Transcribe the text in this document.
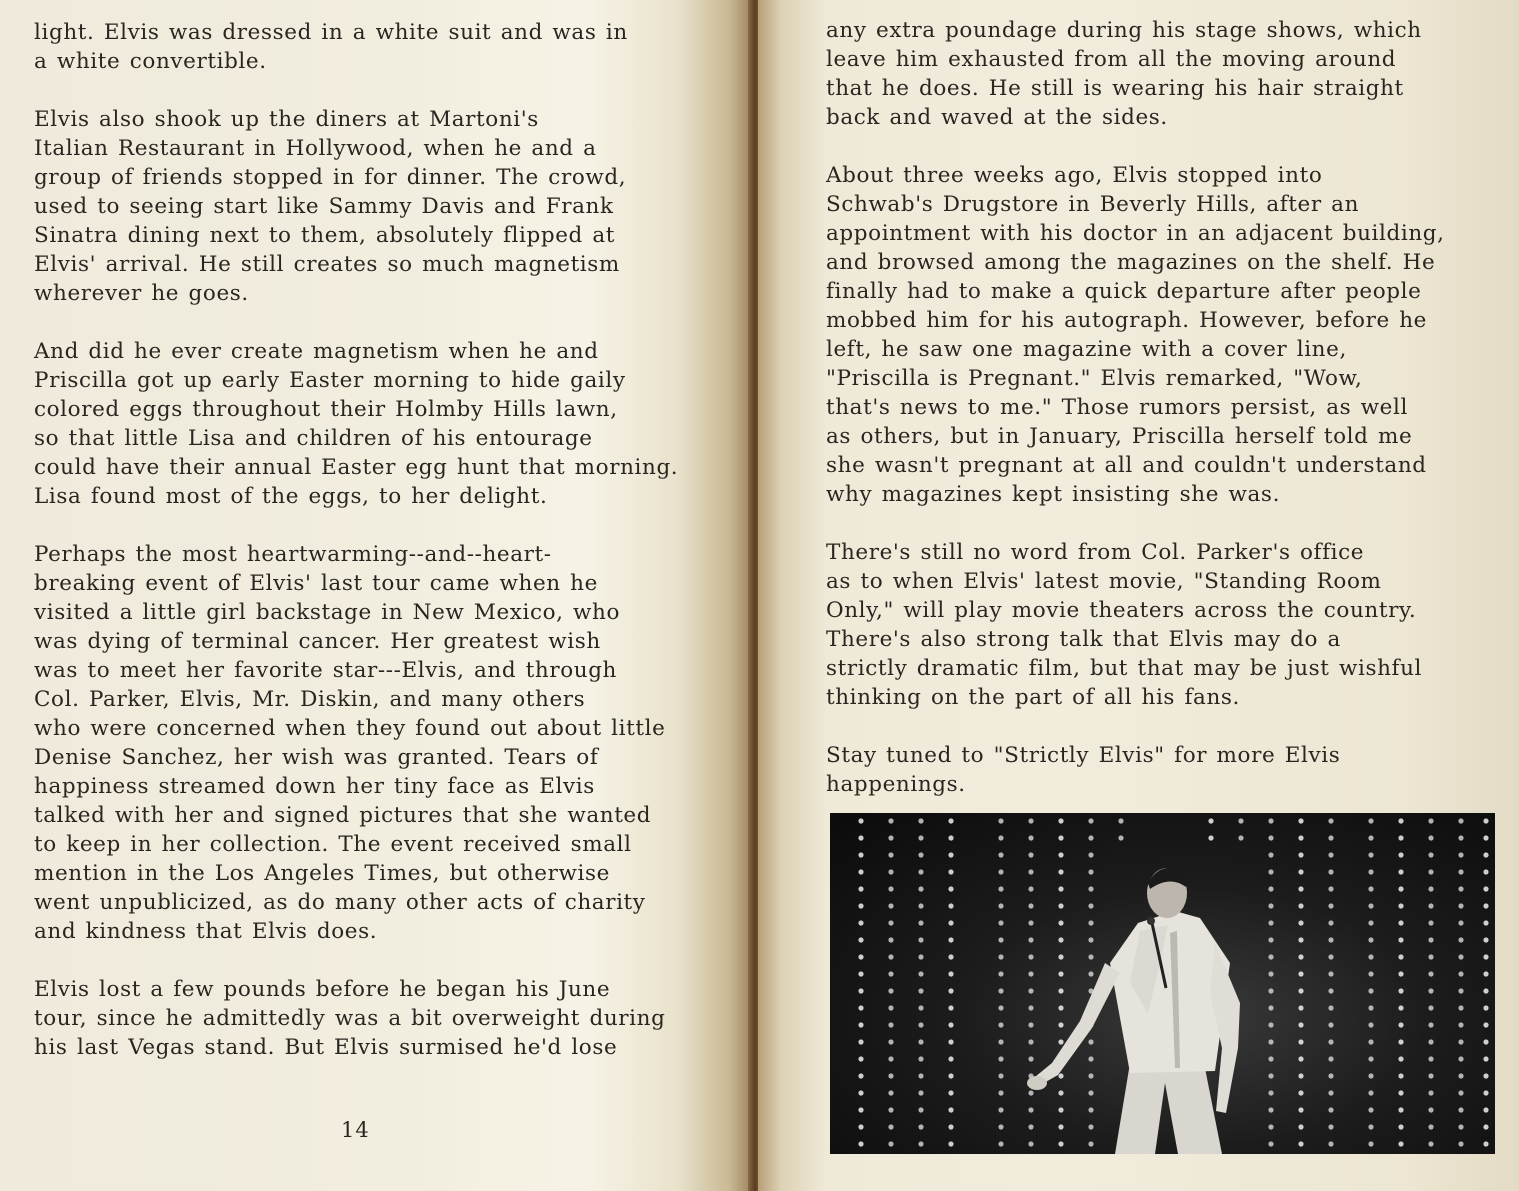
light. Elvis was dressed in a white suit and was in
a white convertible.

Elvis also shook up the diners at Martoni's
Italian Restaurant in Hollywood, when he and a
group of friends stopped in for dinner. The crowd,
used to seeing start like Sammy Davis and Frank
Sinatra dining next to them, absolutely flipped at
Elvis' arrival. He still creates so much magnetism
wherever he goes.

And did he ever create magnetism when he and
Priscilla got up early Easter morning to hide gaily
colored eggs throughout their Holmby Hills lawn,
so that little Lisa and children of his entourage
could have their annual Easter egg hunt that morning.
Lisa found most of the eggs, to her delight.

Perhaps the most heartwarming--and--heart-
breaking event of Elvis' last tour came when he
visited a little girl backstage in New Mexico, who
was dying of terminal cancer. Her greatest wish
was to meet her favorite star---Elvis, and through
Col. Parker, Elvis, Mr. Diskin, and many others
who were concerned when they found out about little
Denise Sanchez, her wish was granted. Tears of
happiness streamed down her tiny face as Elvis
talked with her and signed pictures that she wanted
to keep in her collection. The event received small
mention in the Los Angeles Times, but otherwise
went unpublicized, as do many other acts of charity
and kindness that Elvis does.

Elvis lost a few pounds before he began his June
tour, since he admittedly was a bit overweight during
his last Vegas stand. But Elvis surmised he'd lose

14

any extra poundage during his stage shows, which
leave him exhausted from all the moving around
that he does. He still is wearing his hair straight
back and waved at the sides.

About three weeks ago, Elvis stopped into
Schwab's Drugstore in Beverly Hills, after an
appointment with his doctor in an adjacent building,
and browsed among the magazines on the shelf. He
finally had to make a quick departure after people
mobbed him for his autograph. However, before he
left, he saw one magazine with a cover line,
"Priscilla is Pregnant." Elvis remarked, "Wow,
that's news to me." Those rumors persist, as well
as others, but in January, Priscilla herself told me
she wasn't pregnant at all and couldn't understand
why magazines kept insisting she was.

There's still no word from Col. Parker's office
as to when Elvis' latest movie, "Standing Room
Only," will play movie theaters across the country.
There's also strong talk that Elvis may do a
strictly dramatic film, but that may be just wishful
thinking on the part of all his fans.

Stay tuned to "Strictly Elvis" for more Elvis
happenings.
